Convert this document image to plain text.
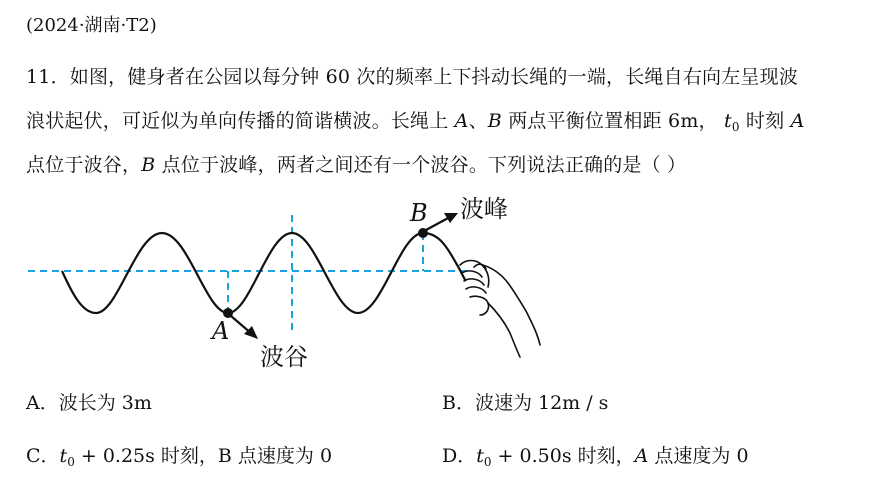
(2024·湖南·T2)
11．如图，健身者在公园以每分钟 60 次的频率上下抖动长绳的一端，长绳自右向左呈现波
浪状起伏，可近似为单向传播的简谐横波。长绳上 A、B 两点平衡位置相距 6m， $t_0$ 时刻 A
点位于波谷，B 点位于波峰，两者之间还有一个波谷。下列说法正确的是（ ）
B 波峰
A
波谷
A．波长为 3m	B．波速为 12m / s
C．$t_0 + 0.25s$ 时刻，B 点速度为 0	D．$t_0 + 0.50s$ 时刻，A 点速度为 0
